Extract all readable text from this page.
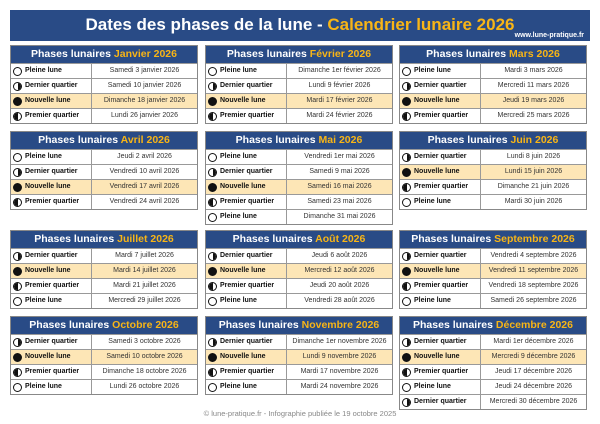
Dates des phases de la lune - Calendrier lunaire 2026
www.lune-pratique.fr
Phases lunaires Janvier 2026
Pleine lune	Samedi 3 janvier 2026
Dernier quartier	Samedi 10 janvier 2026
Nouvelle lune	Dimanche 18 janvier 2026
Premier quartier	Lundi 26 janvier 2026
Phases lunaires Février 2026
Pleine lune	Dimanche 1er février 2026
Dernier quartier	Lundi 9 février 2026
Nouvelle lune	Mardi 17 février 2026
Premier quartier	Mardi 24 février 2026
Phases lunaires Mars 2026
Pleine lune	Mardi 3 mars 2026
Dernier quartier	Mercredi 11 mars 2026
Nouvelle lune	Jeudi 19 mars 2026
Premier quartier	Mercredi 25 mars 2026
Phases lunaires Avril 2026
Pleine lune	Jeudi 2 avril 2026
Dernier quartier	Vendredi 10 avril 2026
Nouvelle lune	Vendredi 17 avril 2026
Premier quartier	Vendredi 24 avril 2026
Phases lunaires Mai 2026
Pleine lune	Vendredi 1er mai 2026
Dernier quartier	Samedi 9 mai 2026
Nouvelle lune	Samedi 16 mai 2026
Premier quartier	Samedi 23 mai 2026
Pleine lune	Dimanche 31 mai 2026
Phases lunaires Juin 2026
Dernier quartier	Lundi 8 juin 2026
Nouvelle lune	Lundi 15 juin 2026
Premier quartier	Dimanche 21 juin 2026
Pleine lune	Mardi 30 juin 2026
Phases lunaires Juillet 2026
Dernier quartier	Mardi 7 juillet 2026
Nouvelle lune	Mardi 14 juillet 2026
Premier quartier	Mardi 21 juillet 2026
Pleine lune	Mercredi 29 juillet 2026
Phases lunaires Août 2026
Dernier quartier	Jeudi 6 août 2026
Nouvelle lune	Mercredi 12 août 2026
Premier quartier	Jeudi 20 août 2026
Pleine lune	Vendredi 28 août 2026
Phases lunaires Septembre 2026
Dernier quartier	Vendredi 4 septembre 2026
Nouvelle lune	Vendredi 11 septembre 2026
Premier quartier	Vendredi 18 septembre 2026
Pleine lune	Samedi 26 septembre 2026
Phases lunaires Octobre 2026
Dernier quartier	Samedi 3 octobre 2026
Nouvelle lune	Samedi 10 octobre 2026
Premier quartier	Dimanche 18 octobre 2026
Pleine lune	Lundi 26 octobre 2026
Phases lunaires Novembre 2026
Dernier quartier	Dimanche 1er novembre 2026
Nouvelle lune	Lundi 9 novembre 2026
Premier quartier	Mardi 17 novembre 2026
Pleine lune	Mardi 24 novembre 2026
Phases lunaires Décembre 2026
Dernier quartier	Mardi 1er décembre 2026
Nouvelle lune	Mercredi 9 décembre 2026
Premier quartier	Jeudi 17 décembre 2026
Pleine lune	Jeudi 24 décembre 2026
Dernier quartier	Mercredi 30 décembre 2026
© lune-pratique.fr - Infographie publiée le 19 octobre 2025
